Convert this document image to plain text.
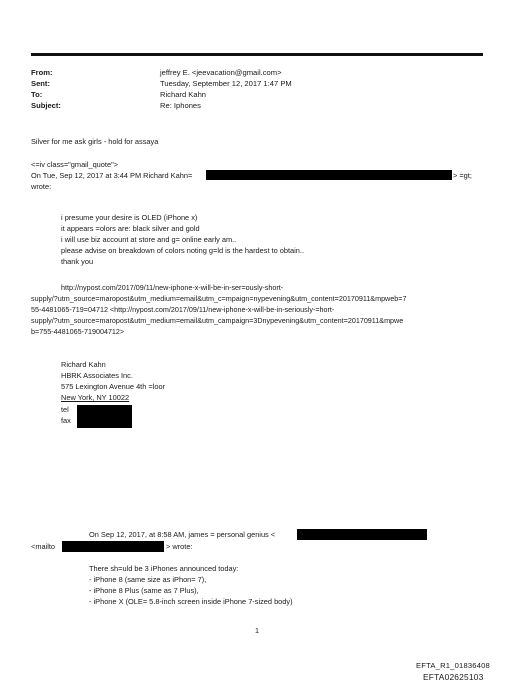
From:	jeffrey E. <jeevacation@gmail.com>
Sent:	Tuesday, September 12, 2017 1:47 PM
To:	Richard Kahn
Subject:	Re: Iphones
Silver for me ask girls - hold for assaya
<=iv class="gmail_quote">
On Tue, Sep 12, 2017 at 3:44 PM Richard Kahn=	> =gt;
wrote:
i presume your desire is OLED (iPhone x)
it appears =olors are: black silver and gold
i will use biz account at store and g= online early am..
please advise on breakdown of colors noting g=ld is the hardest to obtain..
thank you
http://nypost.com/2017/09/11/new-iphone-x-will-be-in-ser=ously-short-
supply/?utm_source=maropost&utm_medium=email&utm_c=mpaign=nypevening&utm_content=20170911&mpweb=7
55-4481065-719=04712 <http://nypost.com/2017/09/11/new-iphone-x-will-be-in-seriously-=hort-
supply/?utm_source=maropost&utm_medium=email&utm_campaign=3Dnypevening&utm_content=20170911&mpwe
b=755-4481065-719004712>
Richard Kahn
HBRK Associates Inc.
575 Lexington Avenue 4th =loor
New York, NY 10022
tel
fax
On Sep 12, 2017, at 8:58 AM, james = personal genius <
<mailto	> wrote:
There sh=uld be 3 iPhones announced today:
- iPhone 8 (same size as iPhon= 7),
- iPhone 8 Plus (same as 7 Plus),
- iPhone X (OLE= 5.8-inch screen inside iPhone 7-sized body)
1
EFTA_R1_01836408
EFTA02625103
